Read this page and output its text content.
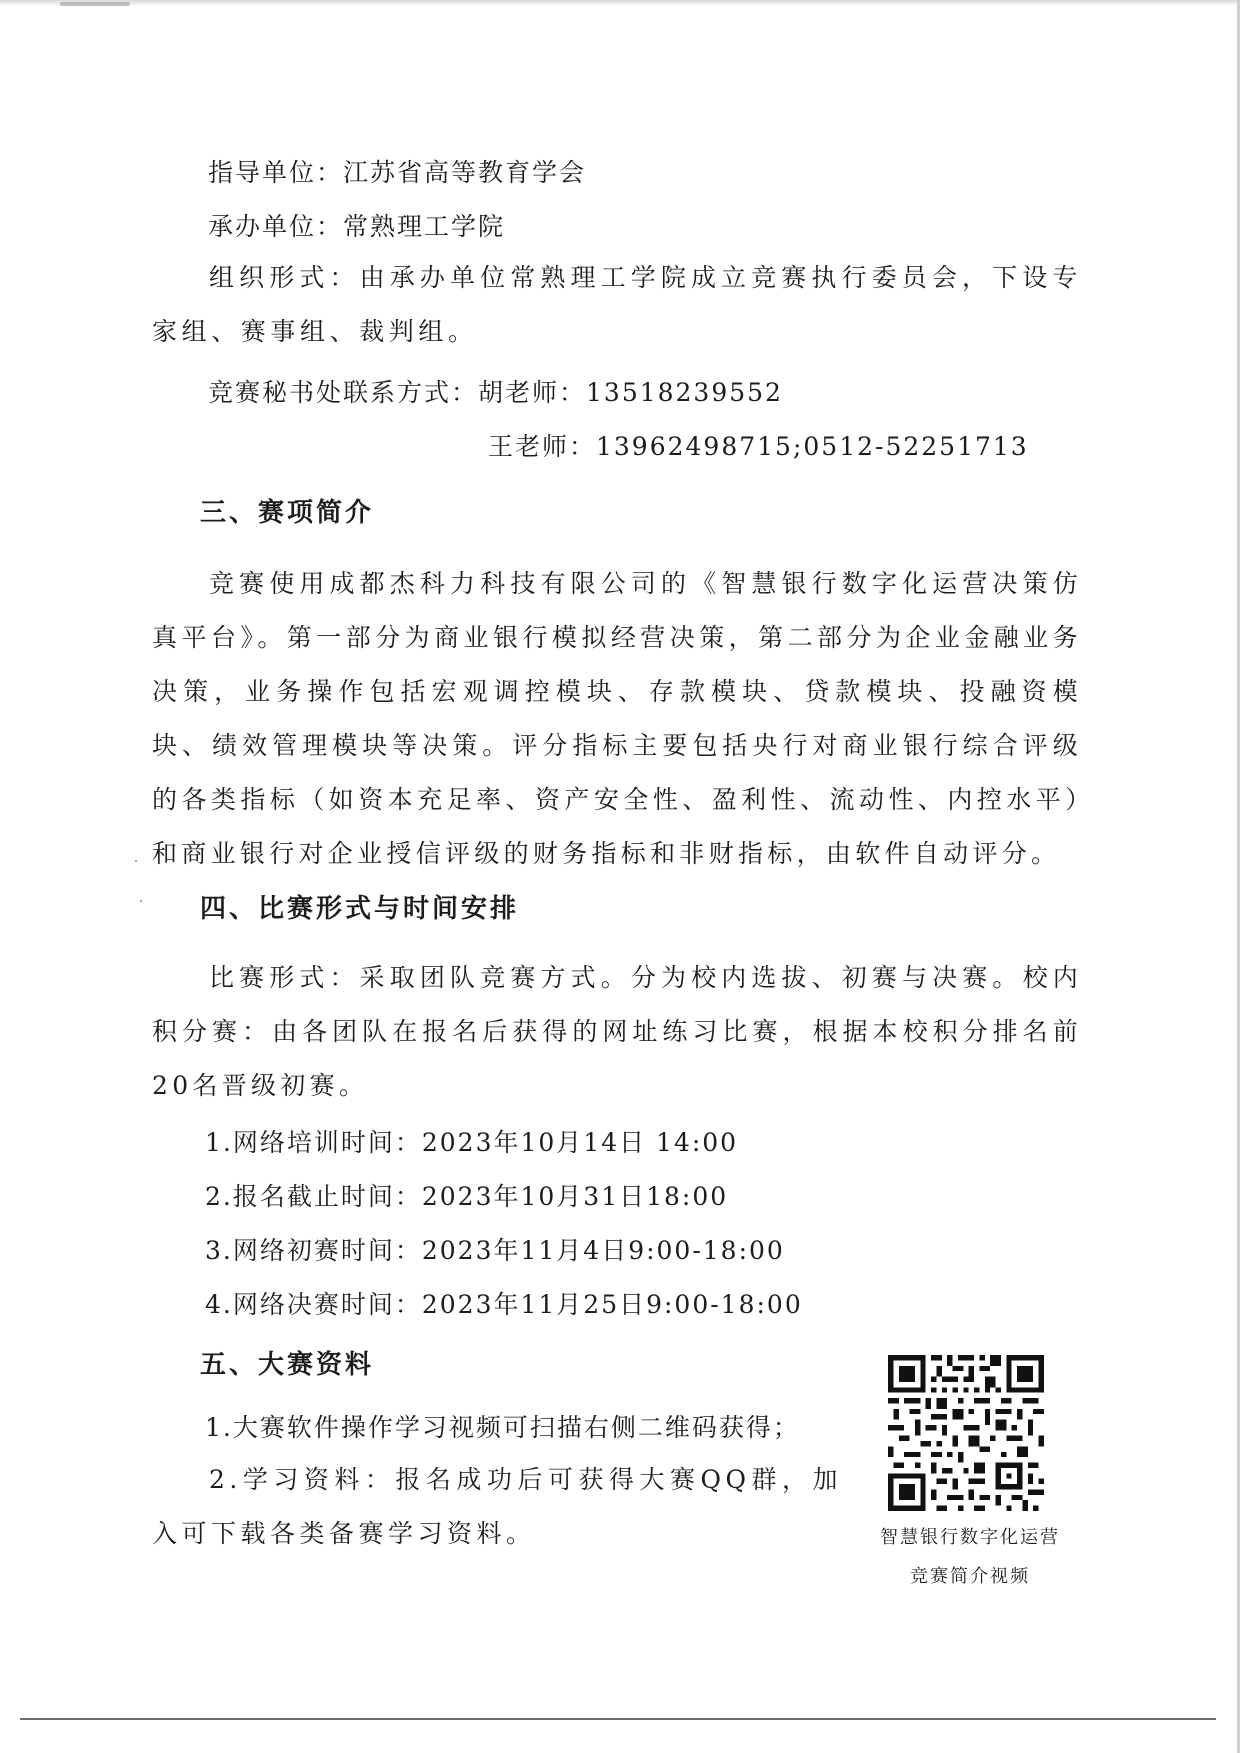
指导单位：江苏省高等教育学会
承办单位：常熟理工学院
组织形式：由承办单位常熟理工学院成立竞赛执行委员会，下设专家组、赛事组、裁判组。
竞赛秘书处联系方式：胡老师：13518239552
王老师：13962498715;0512-52251713
三、赛项简介
竞赛使用成都杰科力科技有限公司的《智慧银行数字化运营决策仿真平台》。第一部分为商业银行模拟经营决策，第二部分为企业金融业务决策，业务操作包括宏观调控模块、存款模块、贷款模块、投融资模块、绩效管理模块等决策。评分指标主要包括央行对商业银行综合评级的各类指标（如资本充足率、资产安全性、盈利性、流动性、内控水平）和商业银行对企业授信评级的财务指标和非财指标，由软件自动评分。
四、比赛形式与时间安排
比赛形式：采取团队竞赛方式。分为校内选拔、初赛与决赛。校内积分赛：由各团队在报名后获得的网址练习比赛，根据本校积分排名前20名晋级初赛。
1.网络培训时间：2023年10月14日 14:00
2.报名截止时间：2023年10月31日18:00
3.网络初赛时间：2023年11月4日9:00-18:00
4.网络决赛时间：2023年11月25日9:00-18:00
五、大赛资料
1.大赛软件操作学习视频可扫描右侧二维码获得；
2.学习资料：报名成功后可获得大赛QQ群，加入可下载各类备赛学习资料。	智慧银行数字化运营
竞赛简介视频
